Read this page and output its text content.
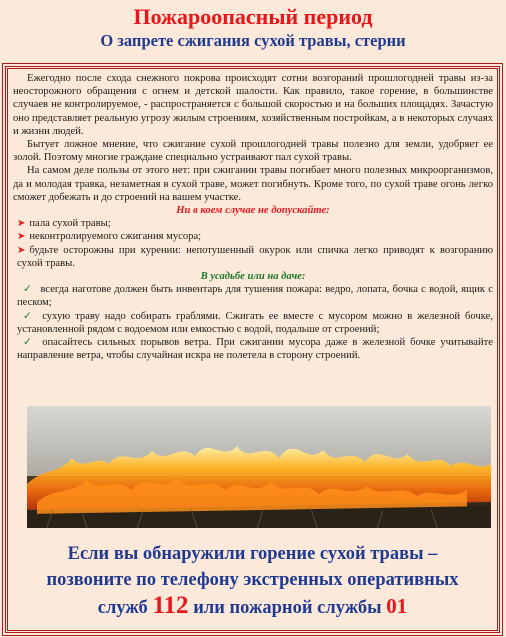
Пожароопасный период
О запрете сжигания сухой травы, стерни

Ежегодно после схода снежного покрова происходят сотни возгораний прошлогодней травы из-за неосторожного обращения с огнем и детской шалости. Как правило, такое горение, в большинстве случаев не контролируемое, - распространяется с большой скоростью и на больших площадях. Зачастую оно представляет реальную угрозу жилым строениям, хозяйственным постройкам, а в некоторых случаях и жизни людей.

Бытует ложное мнение, что сжигание сухой прошлогодней травы полезно для земли, удобряет ее золой. Поэтому многие граждане специально устраивают пал сухой травы.

На самом деле пользы от этого нет: при сжигании травы погибает много полезных микроорганизмов, да и молодая травка, незаметная в сухой траве, может погибнуть. Кроме того, по сухой траве огонь легко сможет добежать и до строений на вашем участке.

Ни в коем случае не допускайте:

➤ пала сухой травы;

➤ неконтролируемого сжигания мусора;

➤ будьте осторожны при курении: непотушенный окурок или спичка легко приводят к возгоранию сухой травы.

В усадьбе или на даче:

✓ всегда наготове должен быть инвентарь для тушения пожара: ведро, лопата, бочка с водой, ящик с песком;

✓ сухую траву надо собирать граблями. Сжигать ее вместе с мусором можно в железной бочке, установленной рядом с водоемом или емкостью с водой, подальше от строений;

✓ опасайтесь сильных порывов ветра. При сжигании мусора даже в железной бочке учитывайте направление ветра, чтобы случайная искра не полетела в сторону строений.

Если вы обнаружили горение сухой травы –
позвоните по телефону экстренных оперативных
служб 112 или пожарной службы 01
